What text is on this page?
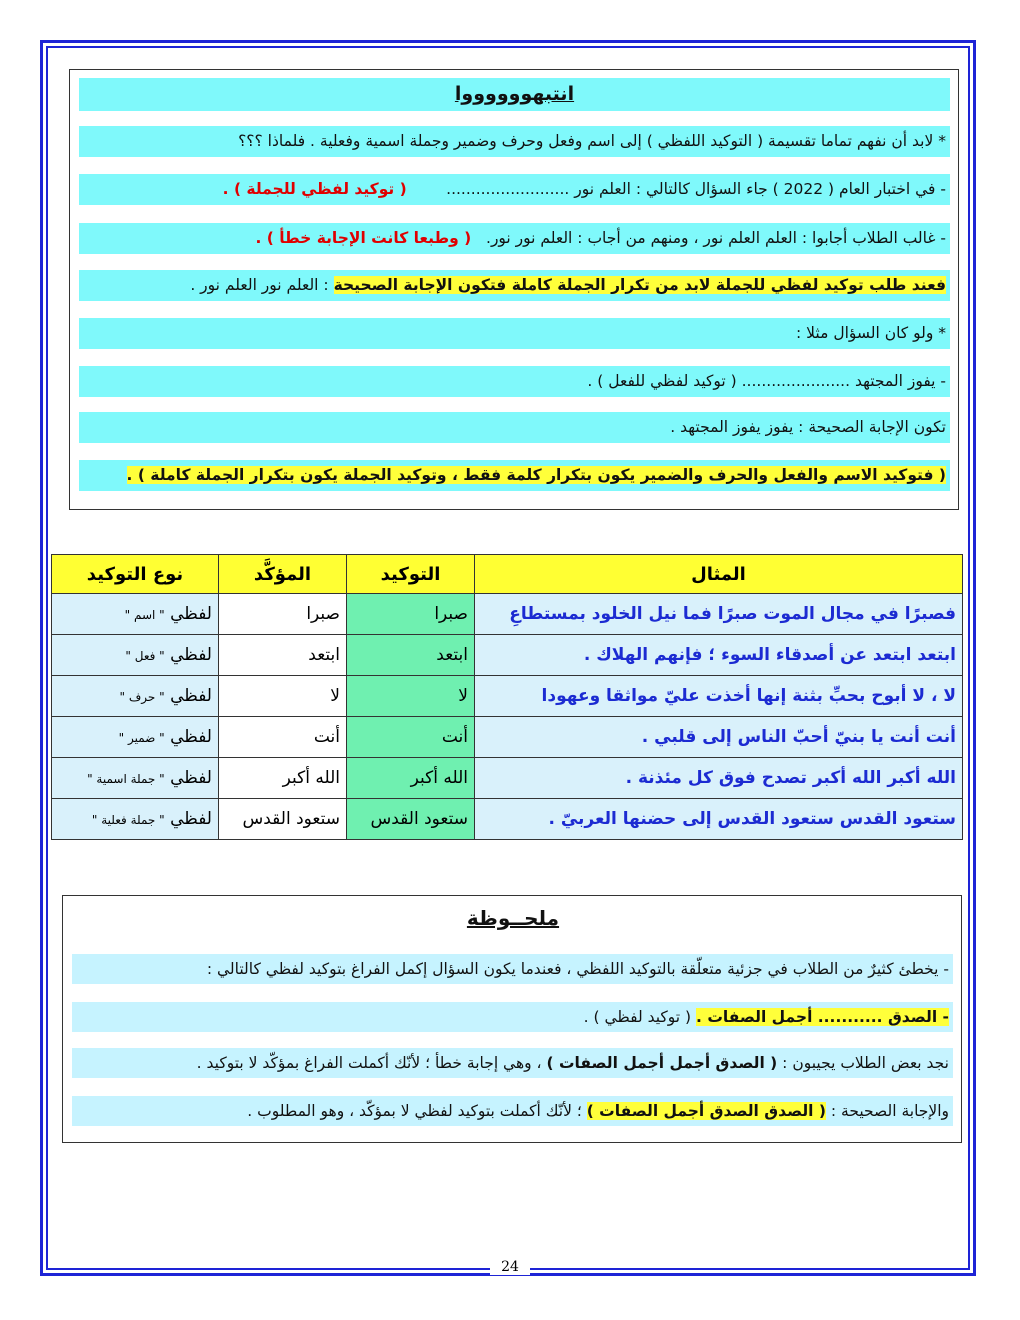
انتبهووووووا
* لابد أن نفهم تماما تقسيمة ( التوكيد اللفظي ) إلى اسم وفعل وحرف وضمير وجملة اسمية وفعلية . فلماذا ؟؟؟
- في اختبار العام ( 2022 ) جاء السؤال كالتالي : العلم نور .........................        ( توكيد لفظي للجملة ) .
- غالب الطلاب أجابوا : العلم العلم نور ، ومنهم من أجاب : العلم نور نور.   ( وطبعا كانت الإجابة خطأ ) .
فعند طلب توكيد لفظي للجملة لابد من تكرار الجملة كاملة فتكون الإجابة الصحيحة : العلم نور العلم نور .
* ولو كان السؤال مثلا :
- يفوز المجتهد ...................... ( توكيد لفظي للفعل ) .
تكون الإجابة الصحيحة : يفوز يفوز المجتهد .
( فتوكيد الاسم والفعل والحرف والضمير يكون بتكرار كلمة فقط ، وتوكيد الجملة يكون بتكرار الجملة كاملة ) .
المثال	التوكيد	المؤكَّد	نوع التوكيد
فصبرًا في مجال الموت صبرًا فما نيل الخلود بمستطاعِ	صبرا	صبرا	لفظي " اسم "
ابتعد ابتعد عن أصدقاء السوء ؛ فإنهم الهلاك .	ابتعد	ابتعد	لفظي " فعل "
لا ، لا أبوح بحبِّ بثنة إنها أخذت عليّ مواثقا وعهودا	لا	لا	لفظي " حرف "
أنت أنت يا بنيّ أحبّ الناس إلى قلبي .	أنت	أنت	لفظي " ضمير "
الله أكبر الله أكبر تصدح فوق كل مئذنة .	الله أكبر	الله أكبر	لفظي " جملة اسمية "
ستعود القدس ستعود القدس إلى حضنها العربيّ .	ستعود القدس	ستعود القدس	لفظي " جملة فعلية "
ملحــوظة
- يخطئ كثيرٌ من الطلاب في جزئية متعلّقة بالتوكيد اللفظي ، فعندما يكون السؤال إكمل الفراغ بتوكيد لفظي كالتالي :
- الصدق ........... أجمل الصفات . ( توكيد لفظي ) .
نجد بعض الطلاب يجيبون : ( الصدق أجمل أجمل الصفات ) ، وهي إجابة خطأ ؛ لأنّك أكملت الفراغ بمؤكّد لا بتوكيد .
والإجابة الصحيحة : ( الصدق الصدق أجمل الصفات ) ؛ لأنّك أكملت بتوكيد لفظي لا بمؤكّد ، وهو المطلوب .
24
